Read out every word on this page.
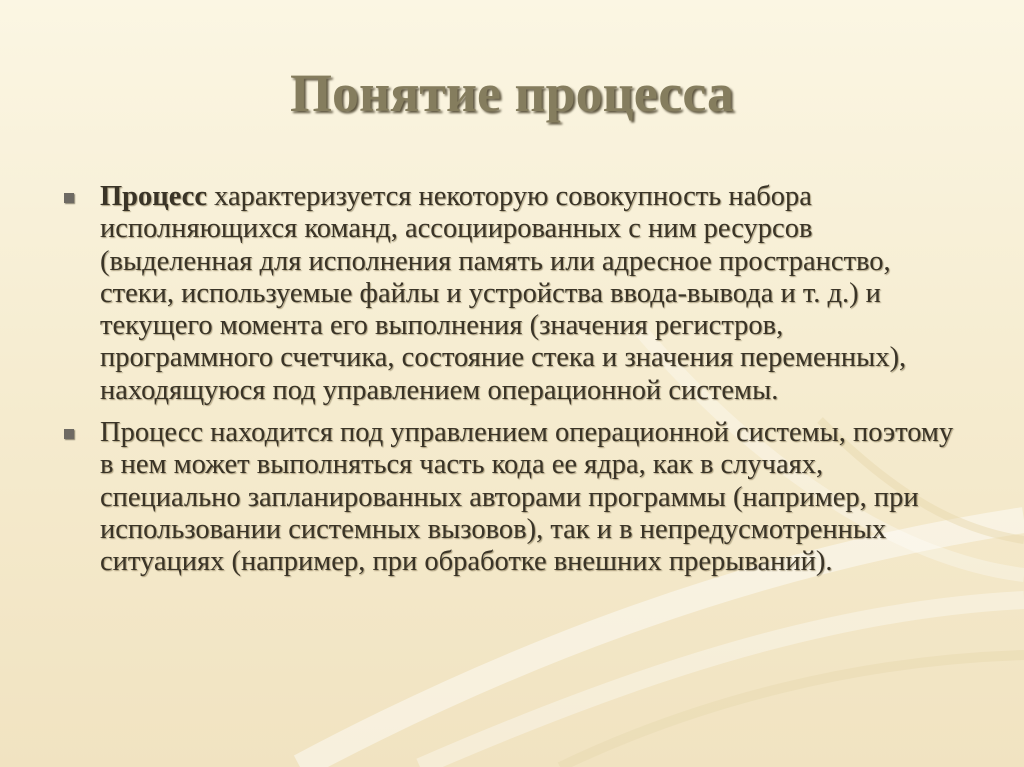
Понятие процесса
Процесс характеризуется некоторую совокупность набора исполняющихся команд, ассоциированных с ним ресурсов (выделенная для исполнения память или адресное пространство, стеки, используемые файлы и устройства ввода-вывода и т. д.) и текущего момента его выполнения (значения регистров, программного счетчика, состояние стека и значения переменных), находящуюся под управлением операционной системы.
Процесс находится под управлением операционной системы, поэтому в нем может выполняться часть кода ее ядра, как в случаях, специально запланированных авторами программы (например, при использовании системных вызовов), так и в непредусмотренных ситуациях (например, при обработке внешних прерываний).
